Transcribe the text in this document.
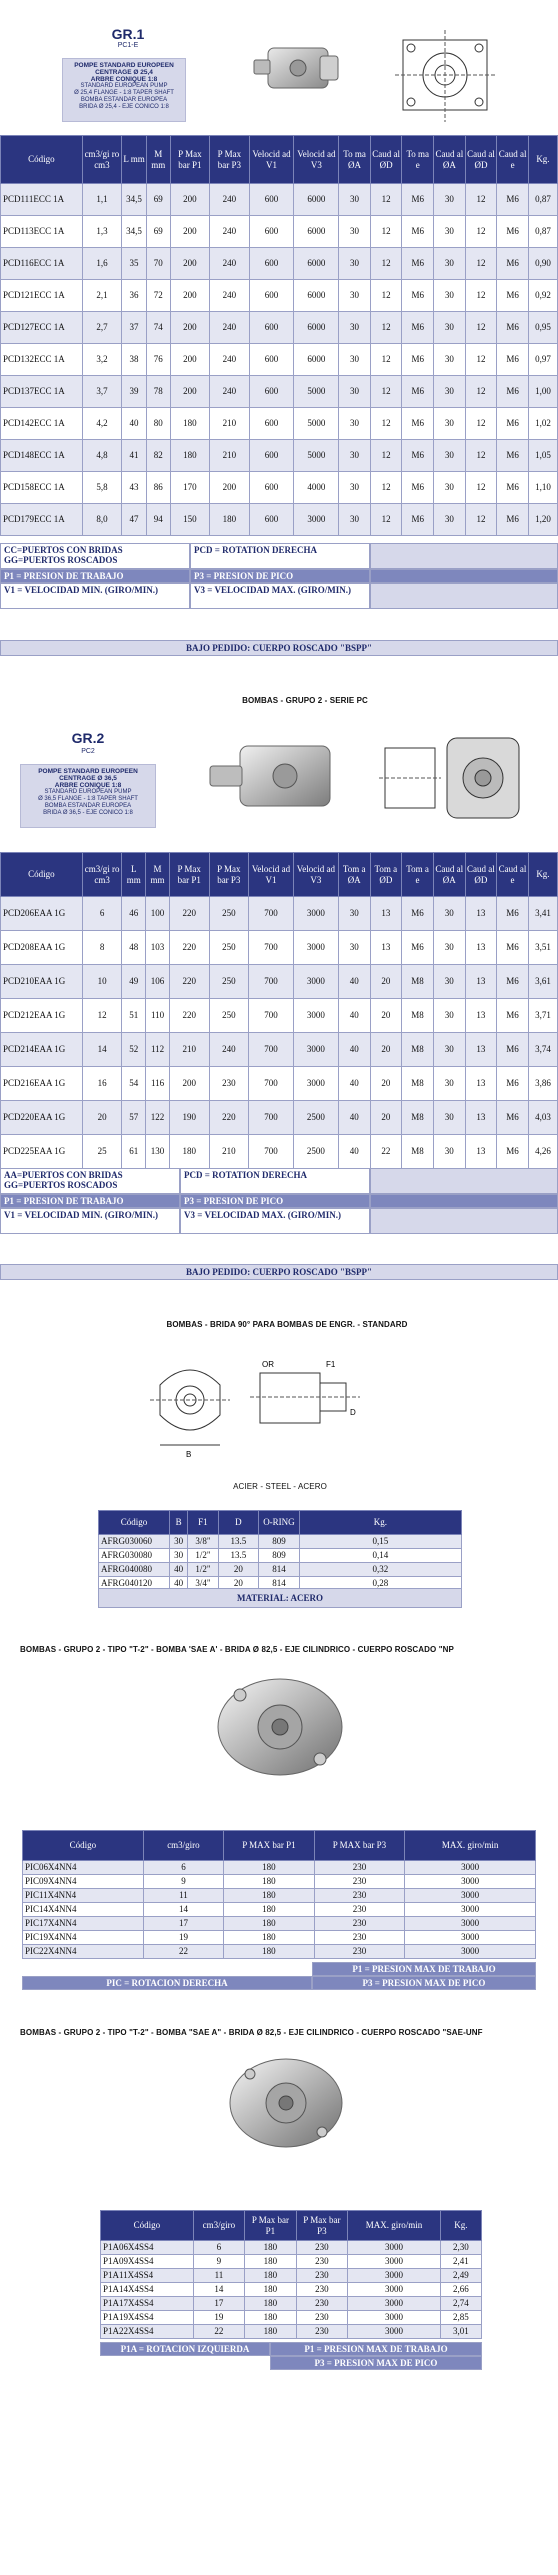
GR.1
PC1-E
POMPE STANDARD EUROPEEN
CENTRAGE Ø 25,4
ARBRE CONIQUE 1:8
STANDARD EUROPEAN PUMP
Ø 25,4 FLANGE - 1:8 TAPER SHAFT
BOMBA ESTANDAR EUROPEA
BRIDA Ø 25,4 - EJE CONICO 1:8
Código	cm3/gi ro cm3	L mm	M mm	P Max bar P1	P Max bar P3	Velocid ad V1	Velocid ad V3	To ma ØA	Caud al ØD	To ma e	Caud al ØA	Caud al ØD	Caud al e	Kg.
PCD111ECC 1A	1,1	34,5	69	200	240	600	6000	30	12	M6	30	12	M6	0,87
PCD113ECC 1A	1,3	34,5	69	200	240	600	6000	30	12	M6	30	12	M6	0,87
PCD116ECC 1A	1,6	35	70	200	240	600	6000	30	12	M6	30	12	M6	0,90
PCD121ECC 1A	2,1	36	72	200	240	600	6000	30	12	M6	30	12	M6	0,92
PCD127ECC 1A	2,7	37	74	200	240	600	6000	30	12	M6	30	12	M6	0,95
PCD132ECC 1A	3,2	38	76	200	240	600	6000	30	12	M6	30	12	M6	0,97
PCD137ECC 1A	3,7	39	78	200	240	600	5000	30	12	M6	30	12	M6	1,00
PCD142ECC 1A	4,2	40	80	180	210	600	5000	30	12	M6	30	12	M6	1,02
PCD148ECC 1A	4,8	41	82	180	210	600	5000	30	12	M6	30	12	M6	1,05
PCD158ECC 1A	5,8	43	86	170	200	600	4000	30	12	M6	30	12	M6	1,10
PCD179ECC 1A	8,0	47	94	150	180	600	3000	30	12	M6	30	12	M6	1,20
CC=PUERTOS CON BRIDAS GG=PUERTOS ROSCADOS
PCD = ROTATION DERECHA
P1 = PRESION DE TRABAJO	P3 = PRESION DE PICO
V1 = VELOCIDAD MIN. (GIRO/MIN.)	V3 = VELOCIDAD MAX. (GIRO/MIN.)
BAJO PEDIDO: CUERPO ROSCADO "BSPP"
BOMBAS - GRUPO 2 - SERIE PC
GR.2
PC2
POMPE STANDARD EUROPEEN
CENTRAGE Ø 36,5
ARBRE CONIQUE 1:8
STANDARD EUROPEAN PUMP
Ø 36,5 FLANGE - 1:8 TAPER SHAFT
BOMBA ESTANDAR EUROPEA
BRIDA Ø 36,5 - EJE CONICO 1:8
Código	cm3/gi ro cm3	L mm	M mm	P Max bar P1	P Max bar P3	Velocid ad V1	Velocid ad V3	Tom a ØA	Tom a ØD	Tom a e	Caud al ØA	Caud al ØD	Caud al e	Kg.
PCD206EAA 1G	6	46	100	220	250	700	3000	30	13	M6	30	13	M6	3,41
PCD208EAA 1G	8	48	103	220	250	700	3000	30	13	M6	30	13	M6	3,51
PCD210EAA 1G	10	49	106	220	250	700	3000	40	20	M8	30	13	M6	3,61
PCD212EAA 1G	12	51	110	220	250	700	3000	40	20	M8	30	13	M6	3,71
PCD214EAA 1G	14	52	112	210	240	700	3000	40	20	M8	30	13	M6	3,74
PCD216EAA 1G	16	54	116	200	230	700	3000	40	20	M8	30	13	M6	3,86
PCD220EAA 1G	20	57	122	190	220	700	2500	40	20	M8	30	13	M6	4,03
PCD225EAA 1G	25	61	130	180	210	700	2500	40	22	M8	30	13	M6	4,26
AA=PUERTOS CON BRIDAS GG=PUERTOS ROSCADOS
PCD = ROTATION DERECHA
P1 = PRESION DE TRABAJO	P3 = PRESION DE PICO
V1 = VELOCIDAD MIN. (GIRO/MIN.)	V3 = VELOCIDAD MAX. (GIRO/MIN.)
BAJO PEDIDO: CUERPO ROSCADO "BSPP"
BOMBAS - BRIDA 90° PARA BOMBAS DE ENGR. - STANDARD
B
OR	F1
D
ACIER - STEEL - ACERO
Código	B	F1	D	O-RING	Kg.
AFRG030060	30	3/8"	13.5	809	0,15
AFRG030080	30	1/2"	13.5	809	0,14
AFRG040080	40	1/2"	20	814	0,32
AFRG040120	40	3/4"	20	814	0,28
MATERIAL: ACERO
BOMBAS - GRUPO 2 - TIPO "T-2" - BOMBA 'SAE A' - BRIDA Ø 82,5 - EJE CILINDRICO - CUERPO ROSCADO "NP
Código	cm3/giro	P MAX bar P1	P MAX bar P3	MAX. giro/min
PIC06X4NN4	6	180	230	3000
PIC09X4NN4	9	180	230	3000
PIC11X4NN4	11	180	230	3000
PIC14X4NN4	14	180	230	3000
PIC17X4NN4	17	180	230	3000
PIC19X4NN4	19	180	230	3000
PIC22X4NN4	22	180	230	3000
P1 = PRESION MAX DE TRABAJO
PIC = ROTACION DERECHA	P3 = PRESION MAX DE PICO
BOMBAS - GRUPO 2 - TIPO "T-2" - BOMBA "SAE A" - BRIDA Ø 82,5 - EJE CILINDRICO - CUERPO ROSCADO "SAE-UNF
Código	cm3/giro	P Max bar P1	P Max bar P3	MAX. giro/min	Kg.
P1A06X4SS4	6	180	230	3000	2,30
P1A09X4SS4	9	180	230	3000	2,41
P1A11X4SS4	11	180	230	3000	2,49
P1A14X4SS4	14	180	230	3000	2,66
P1A17X4SS4	17	180	230	3000	2,74
P1A19X4SS4	19	180	230	3000	2,85
P1A22X4SS4	22	180	230	3000	3,01
P1A = ROTACION IZQUIERDA	P1 = PRESION MAX DE TRABAJO
P3 = PRESION MAX DE PICO
